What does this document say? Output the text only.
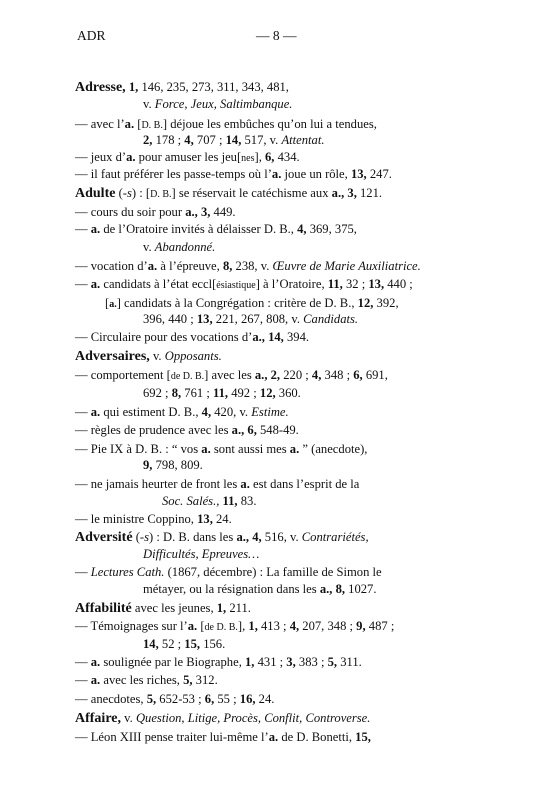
ADR	— 8 —
Adresse, 1, 146, 235, 273, 311, 343, 481,
v. Force, Jeux, Saltimbanque.
— avec l’a. [D. B.] déjoue les embûches qu’on lui a tendues,
2, 178 ; 4, 707 ; 14, 517, v. Attentat.
— jeux d’a. pour amuser les jeu[nes], 6, 434.
— il faut préférer les passe-temps où l’a. joue un rôle, 13, 247.
Adulte (-s) : [D. B.] se réservait le catéchisme aux a., 3, 121.
— cours du soir pour a., 3, 449.
— a. de l’Oratoire invités à délaisser D. B., 4, 369, 375,
v. Abandonné.
— vocation d’a. à l’épreuve, 8, 238, v. Œuvre de Marie Auxiliatrice.
— a. candidats à l’état eccl[ésiastique] à l’Oratoire, 11, 32 ; 13, 440 ;
[a.] candidats à la Congrégation : critère de D. B., 12, 392,
396, 440 ; 13, 221, 267, 808, v. Candidats.
— Circulaire pour des vocations d’a., 14, 394.
Adversaires, v. Opposants.
— comportement [de D. B.] avec les a., 2, 220 ; 4, 348 ; 6, 691,
692 ; 8, 761 ; 11, 492 ; 12, 360.
— a. qui estiment D. B., 4, 420, v. Estime.
— règles de prudence avec les a., 6, 548-49.
— Pie IX à D. B. : “ vos a. sont aussi mes a. ” (anecdote),
9, 798, 809.
— ne jamais heurter de front les a. est dans l’esprit de la
Soc. Salés., 11, 83.
— le ministre Coppino, 13, 24.
Adversité (-s) : D. B. dans les a., 4, 516, v. Contrariétés,
Difficultés, Epreuves…
— Lectures Cath. (1867, décembre) : La famille de Simon le
métayer, ou la résignation dans les a., 8, 1027.
Affabilité avec les jeunes, 1, 211.
— Témoignages sur l’a. [de D. B.], 1, 413 ; 4, 207, 348 ; 9, 487 ;
14, 52 ; 15, 156.
— a. soulignée par le Biographe, 1, 431 ; 3, 383 ; 5, 311.
— a. avec les riches, 5, 312.
— anecdotes, 5, 652-53 ; 6, 55 ; 16, 24.
Affaire, v. Question, Litige, Procès, Conflit, Controverse.
— Léon XIII pense traiter lui-même l’a. de D. Bonetti, 15,
